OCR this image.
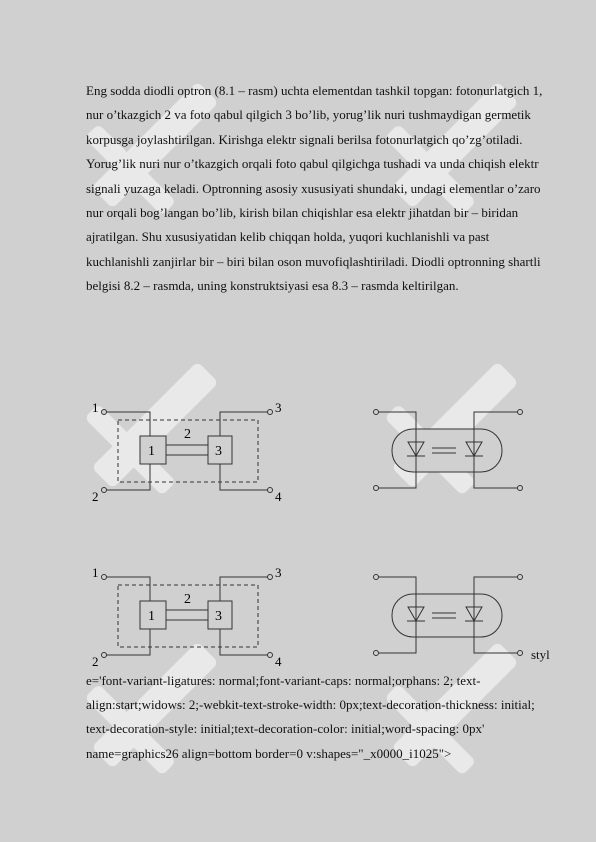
Eng sodda diodli optron (8.1 – rasm) uchta elementdan tashkil topgan: fotonurlatgich 1, nur o’tkazgich 2 va foto qabul qilgich 3 bo’lib, yorug’lik nuri tushmaydigan germetik korpusga joylashtirilgan. Kirishga elektr signali berilsa fotonurlatgich qo’zg’otiladi. Yorug’lik nuri nur o’tkazgich orqali foto qabul qilgichga tushadi va unda chiqish elektr signali yuzaga keladi. Optronning asosiy xususiyati shundaki, undagi elementlar o’zaro nur orqali bog’langan bo’lib, kirish bilan chiqishlar esa elektr jihatdan bir – biridan ajratilgan. Shu xususiyatidan kelib chiqqan holda, yuqori kuchlanishli va past kuchlanishli zanjirlar bir – biri bilan oson muvofiqlashtiriladi. Diodli optronning shartli belgisi 8.2 – rasmda, uning konstruktsiyasi esa 8.3 – rasmda keltirilgan.

1
2
3
4
1
2
3
1
2
3
4
1
2
3
styl

e='font-variant-ligatures: normal;font-variant-caps: normal;orphans: 2; text-align:start;widows: 2;-webkit-text-stroke-width: 0px;text-decoration-thickness: initial; text-decoration-style: initial;text-decoration-color: initial;word-spacing: 0px' name=graphics26 align=bottom border=0 v:shapes="_x0000_i1025">
